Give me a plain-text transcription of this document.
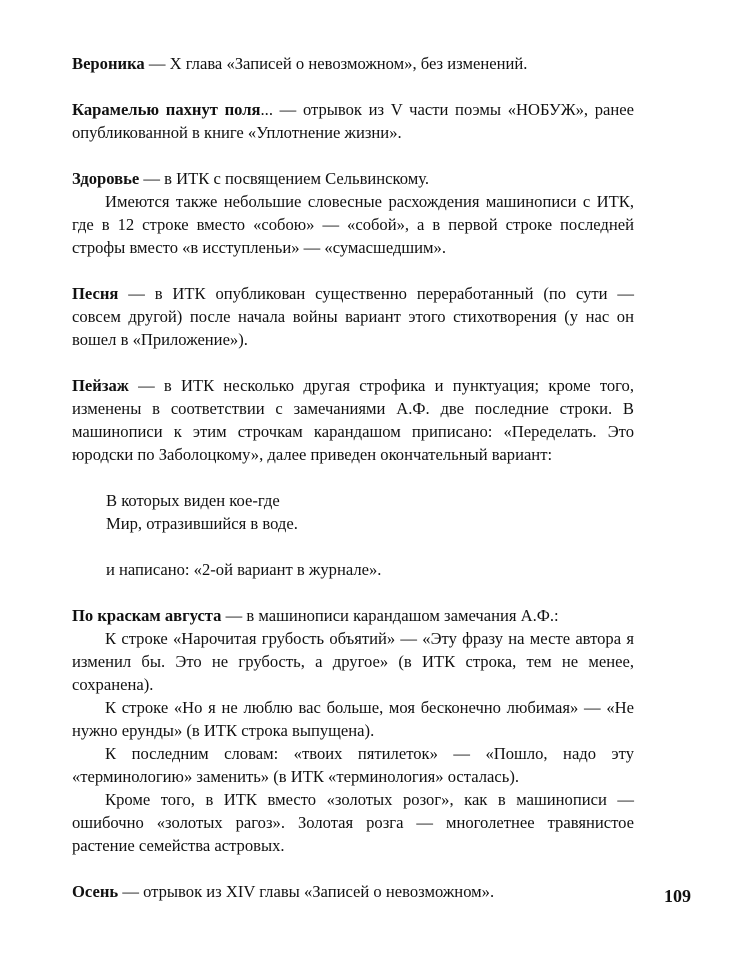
Вероника — X глава «Записей о невозможном», без изменений.

Карамелью пахнут поля... — отрывок из V части поэмы «НОБУЖ», ранее опубликованной в книге «Уплотнение жизни».

Здоровье — в ИТК с посвящением Сельвинскому.

Имеются также небольшие словесные расхождения машинописи с ИТК, где в 12 строке вместо «собою» — «собой», а в первой строке последней строфы вместо «в исступленьи» — «сумасшедшим».

Песня — в ИТК опубликован существенно переработанный (по сути — совсем другой) после начала войны вариант этого стихотворения (у нас он вошел в «Приложение»).

Пейзаж — в ИТК несколько другая строфика и пунктуация; кроме того, изменены в соответствии с замечаниями А.Ф. две последние строки. В машинописи к этим строчкам карандашом приписано: «Переделать. Это юродски по Заболоцкому», далее приведен окончательный вариант:

В которых виден кое-где
Мир, отразившийся в воде.

и написано: «2-ой вариант в журнале».

По краскам августа — в машинописи карандашом замечания А.Ф.:

К строке «Нарочитая грубость объятий» — «Эту фразу на месте автора я изменил бы. Это не грубость, а другое» (в ИТК строка, тем не менее, сохранена).

К строке «Но я не люблю вас больше, моя бесконечно любимая» — «Не нужно ерунды» (в ИТК строка выпущена).

К последним словам: «твоих пятилеток» — «Пошло, надо эту «терминологию» заменить» (в ИТК «терминология» осталась).

Кроме того, в ИТК вместо «золотых розог», как в машинописи — ошибочно «золотых рагоз». Золотая розга — многолетнее травянистое растение семейства астровых.

Осень — отрывок из XIV главы «Записей о невозможном».	109
